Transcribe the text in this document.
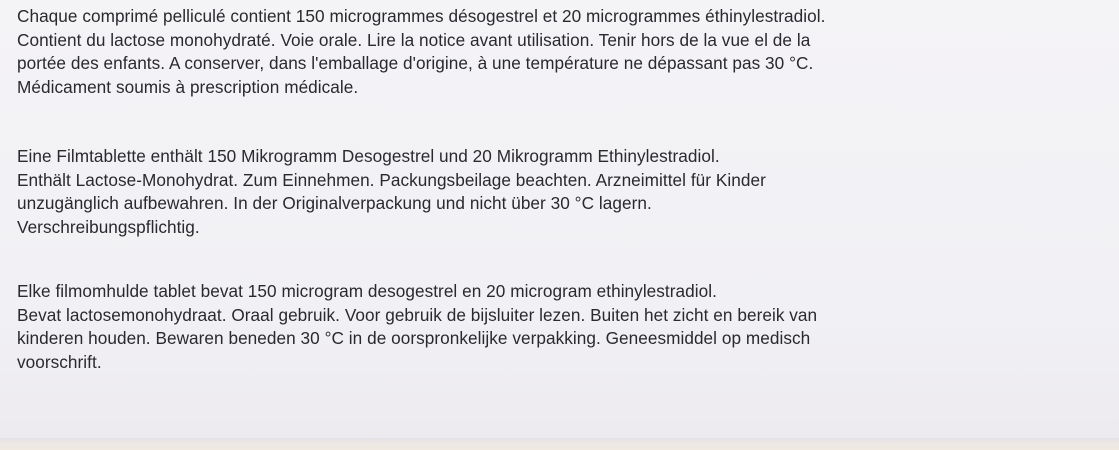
Chaque comprimé pelliculé contient 150 microgrammes désogestrel et 20 microgrammes éthinylestradiol.
Contient du lactose monohydraté. Voie orale. Lire la notice avant utilisation. Tenir hors de la vue el de la
portée des enfants. A conserver, dans l'emballage d'origine, à une température ne dépassant pas 30 °C.
Médicament soumis à prescription médicale.

Eine Filmtablette enthält 150 Mikrogramm Desogestrel und 20 Mikrogramm Ethinylestradiol.
Enthält Lactose-Monohydrat. Zum Einnehmen. Packungsbeilage beachten. Arzneimittel für Kinder
unzugänglich aufbewahren. In der Originalverpackung und nicht über 30 °C lagern.
Verschreibungspflichtig.

Elke filmomhulde tablet bevat 150 microgram desogestrel en 20 microgram ethinylestradiol.
Bevat lactosemonohydraat. Oraal gebruik. Voor gebruik de bijsluiter lezen. Buiten het zicht en bereik van
kinderen houden. Bewaren beneden 30 °C in de oorspronkelijke verpakking. Geneesmiddel op medisch
voorschrift.
